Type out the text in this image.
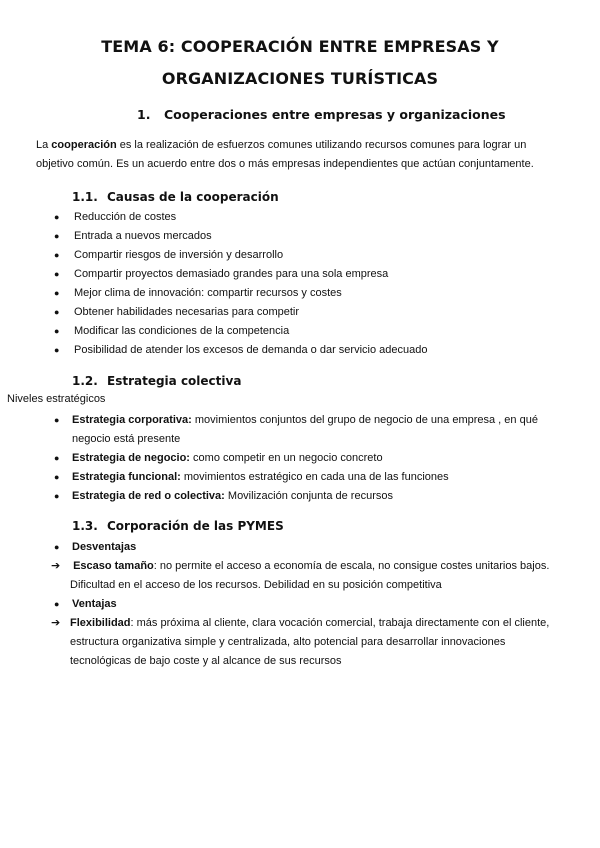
TEMA 6: COOPERACIÓN ENTRE EMPRESAS Y
ORGANIZACIONES TURÍSTICAS
1. Cooperaciones entre empresas y organizaciones
La cooperación es la realización de esfuerzos comunes utilizando recursos comunes para lograr un objetivo común. Es un acuerdo entre dos o más empresas independientes que actúan conjuntamente.
1.1. Causas de la cooperación
● Reducción de costes
● Entrada a nuevos mercados
● Compartir riesgos de inversión y desarrollo
● Compartir proyectos demasiado grandes para una sola empresa
● Mejor clima de innovación: compartir recursos y costes
● Obtener habilidades necesarias para competir
● Modificar las condiciones de la competencia
● Posibilidad de atender los excesos de demanda o dar servicio adecuado
1.2. Estrategia colectiva
Niveles estratégicos
● Estrategia corporativa: movimientos conjuntos del grupo de negocio de una empresa , en qué negocio está presente
● Estrategia de negocio: como competir en un negocio concreto
● Estrategia funcional: movimientos estratégico en cada una de las funciones
● Estrategia de red o colectiva: Movilización conjunta de recursos
1.3. Corporación de las PYMES
● Desventajas
➔ Escaso tamaño: no permite el acceso a economía de escala, no consigue costes unitarios bajos. Dificultad en el acceso de los recursos. Debilidad en su posición competitiva
● Ventajas
➔ Flexibilidad: más próxima al cliente, clara vocación comercial, trabaja directamente con el cliente, estructura organizativa simple y centralizada, alto potencial para desarrollar innovaciones tecnológicas de bajo coste y al alcance de sus recursos
